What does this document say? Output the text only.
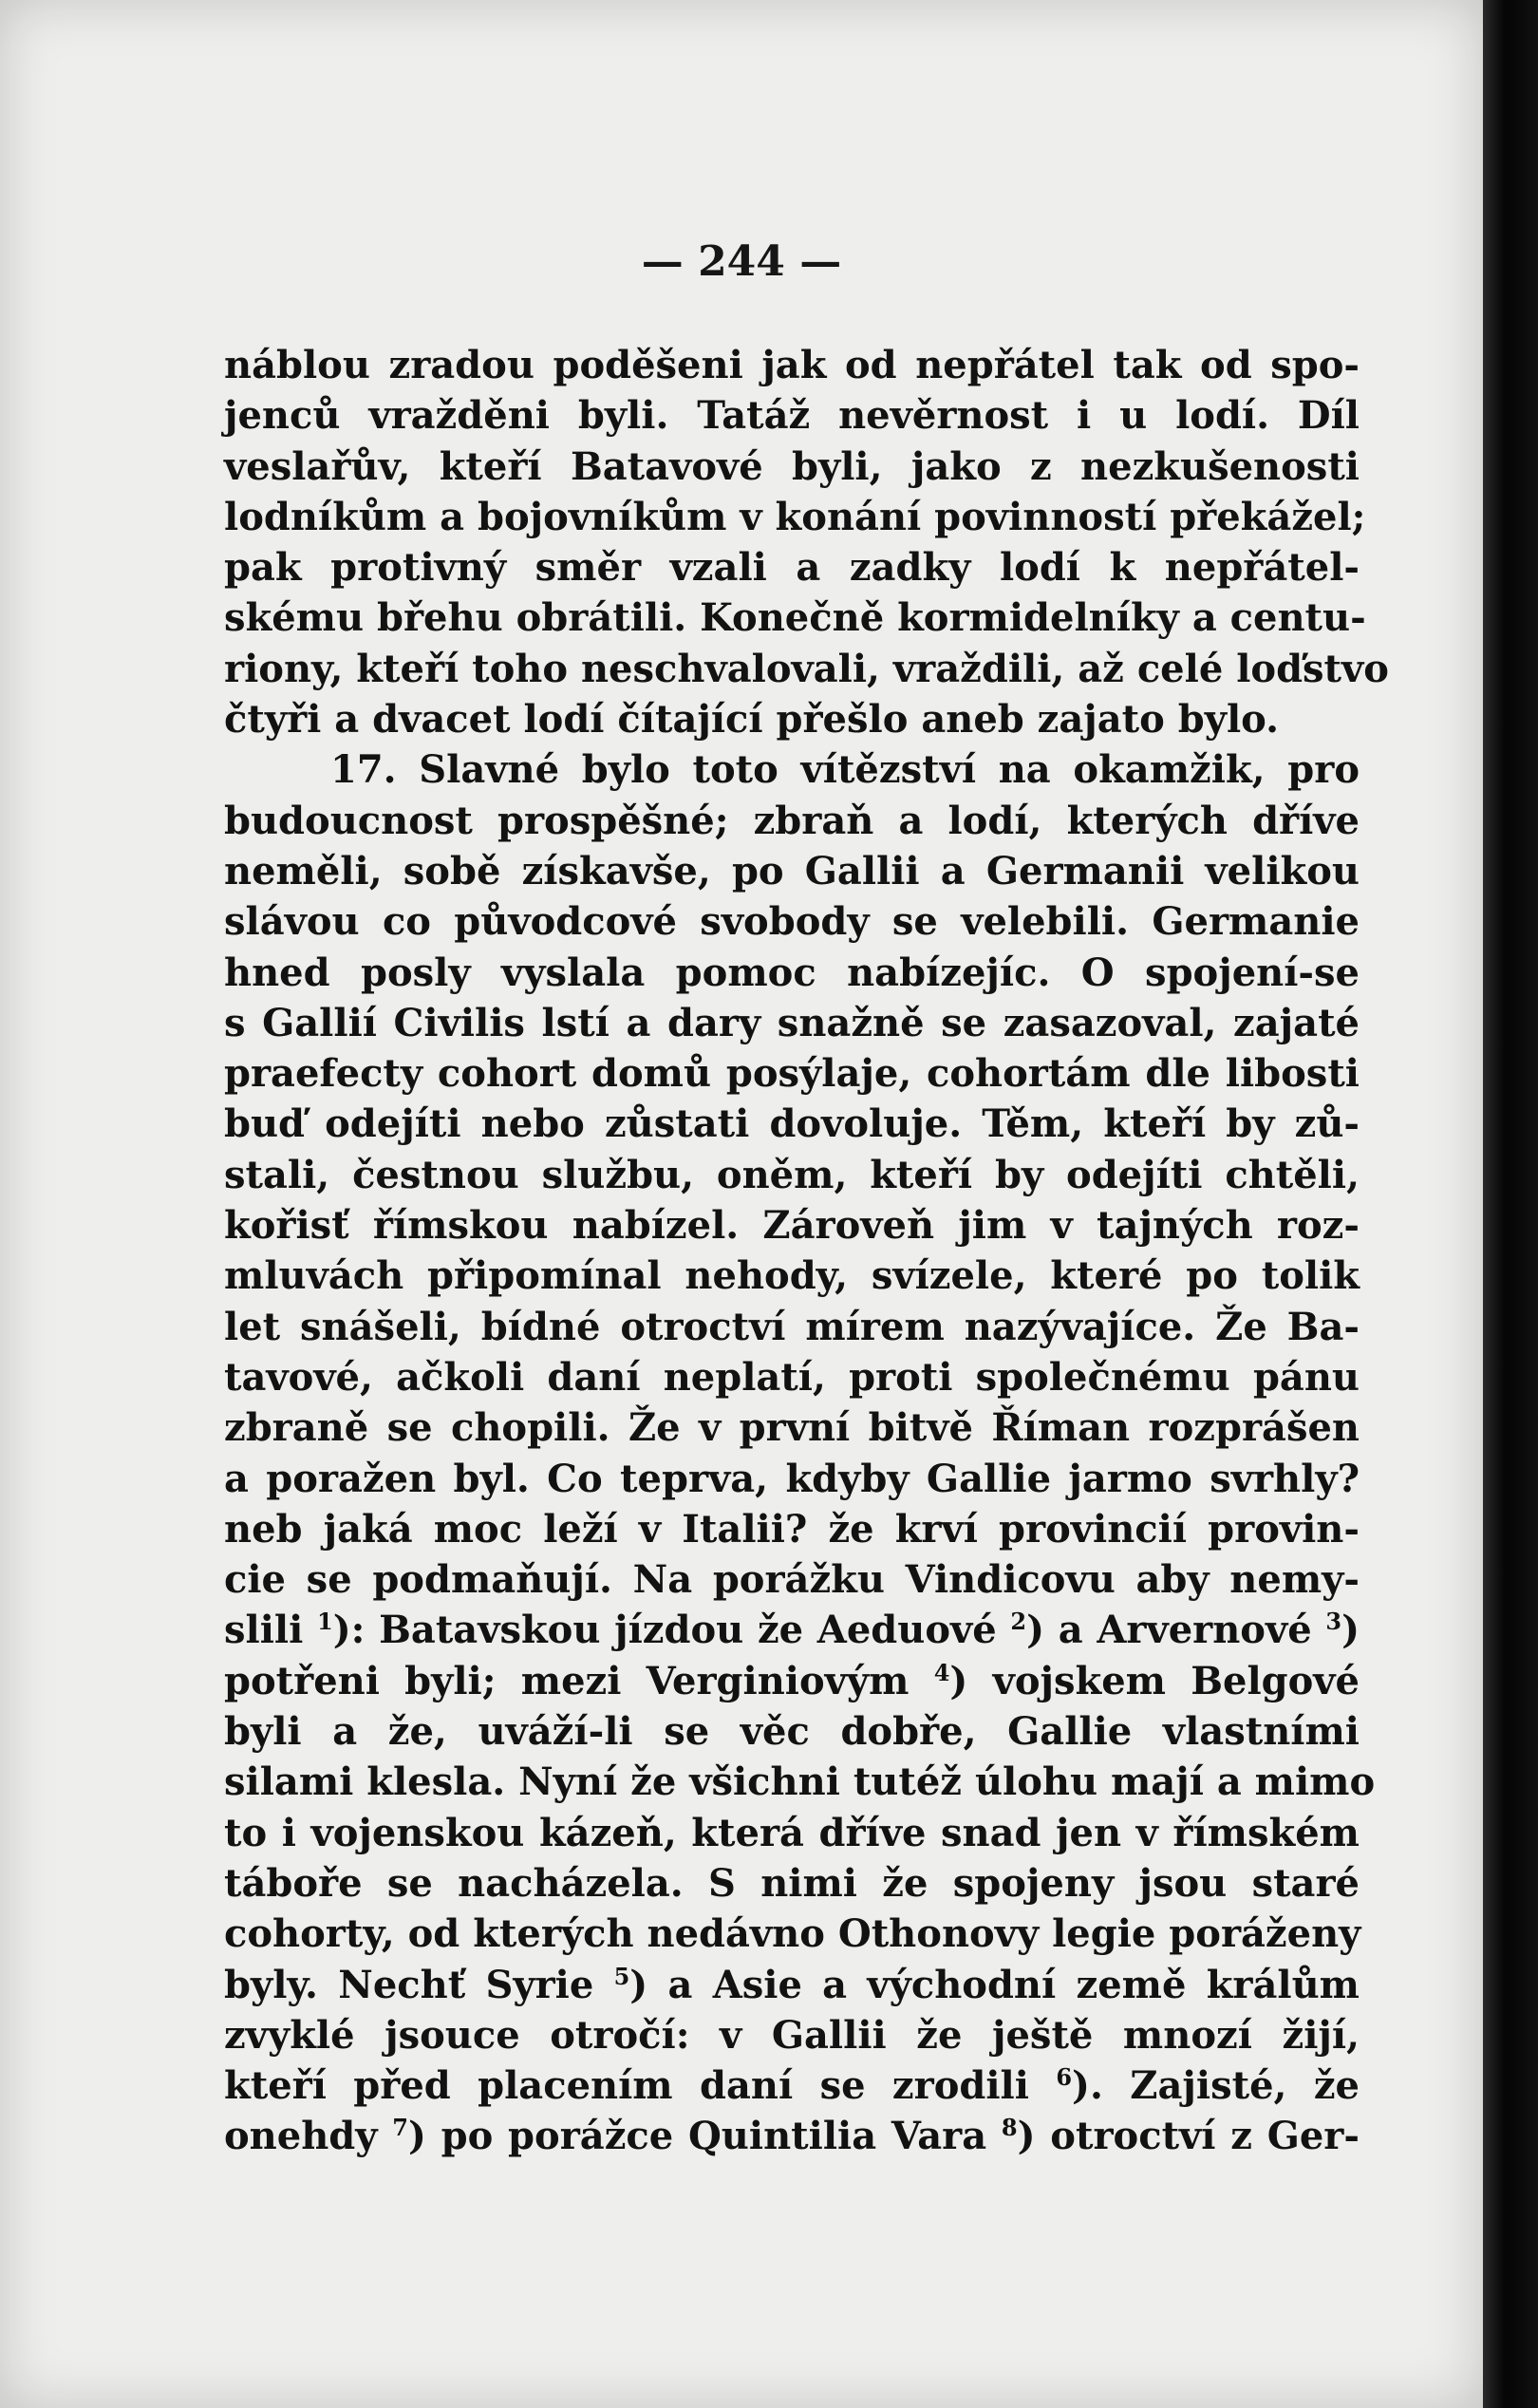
— 244 —
náblou zradou poděšeni jak od nepřátel tak od spo-
jenců vražděni byli. Tatáž nevěrnost i u lodí. Díl
veslařův, kteří Batavové byli, jako z nezkušenosti
lodníkům a bojovníkům v konání povinností překážel;
pak protivný směr vzali a zadky lodí k nepřátel-
skému břehu obrátili. Konečně kormidelníky a centu-
riony, kteří toho neschvalovali, vraždili, až celé loďstvo
čtyři a dvacet lodí čítající přešlo aneb zajato bylo.
17. Slavné bylo toto vítězství na okamžik, pro
budoucnost prospěšné; zbraň a lodí, kterých dříve
neměli, sobě získavše, po Gallii a Germanii velikou
slávou co původcové svobody se velebili. Germanie
hned posly vyslala pomoc nabízejíc. O spojení-se
s Gallií Civilis lstí a dary snažně se zasazoval, zajaté
praefecty cohort domů posýlaje, cohortám dle libosti
buď odejíti nebo zůstati dovoluje. Těm, kteří by zů-
stali, čestnou službu, oněm, kteří by odejíti chtěli,
kořisť římskou nabízel. Zároveň jim v tajných roz-
mluvách připomínal nehody, svízele, které po tolik
let snášeli, bídné otroctví mírem nazývajíce. Že Ba-
tavové, ačkoli daní neplatí, proti společnému pánu
zbraně se chopili. Že v první bitvě Říman rozprášen
a poražen byl. Co teprva, kdyby Gallie jarmo svrhly?
neb jaká moc leží v Italii? že krví provincií provin-
cie se podmaňují. Na porážku Vindicovu aby nemy-
slili $^1$): Batavskou jízdou že Aeduové $^2$) a Arvernové $^3$)
potřeni byli; mezi Verginiovým $^4$) vojskem Belgové
byli a že, uváží-li se věc dobře, Gallie vlastními
silami klesla. Nyní že všichni tutéž úlohu mají a mimo
to i vojenskou kázeň, která dříve snad jen v římském
táboře se nacházela. S nimi že spojeny jsou staré
cohorty, od kterých nedávno Othonovy legie poráženy
byly. Nechť Syrie $^5$) a Asie a východní země králům
zvyklé jsouce otročí: v Gallii že ještě mnozí žijí,
kteří před placením daní se zrodili $^6$). Zajisté, že
onehdy $^7$) po porážce Quintilia Vara $^8$) otroctví z Ger-
